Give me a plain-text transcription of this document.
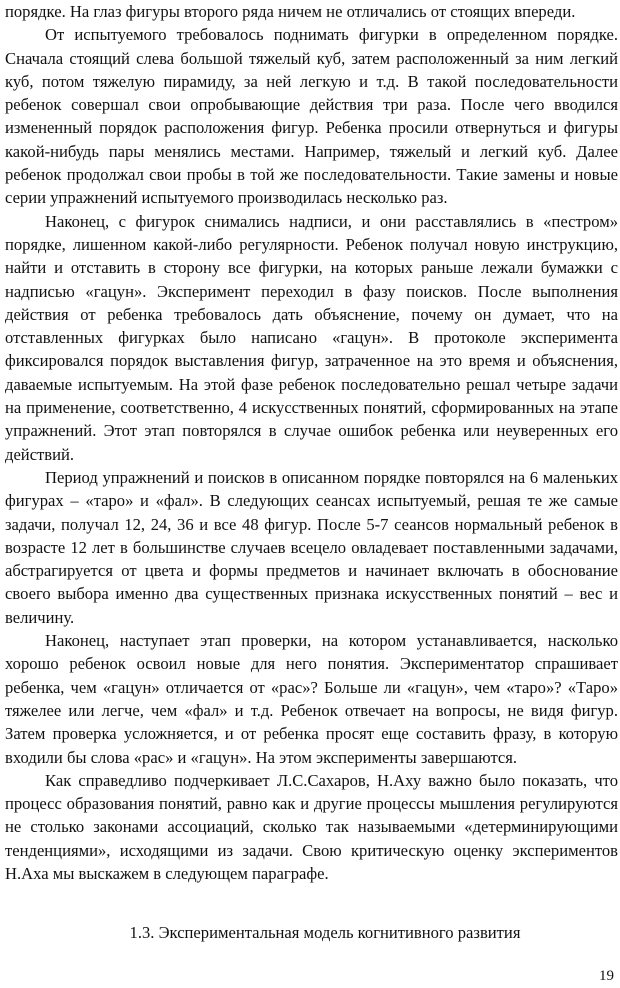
порядке. На глаз фигуры второго ряда ничем не отличались от стоящих впереди.

От испытуемого требовалось поднимать фигурки в определенном порядке. Сначала стоящий слева большой тяжелый куб, затем расположенный за ним легкий куб, потом тяжелую пирамиду, за ней легкую и т.д. В такой последовательности ребенок совершал свои опробывающие действия три раза. После чего вводился измененный порядок расположения фигур. Ребенка просили отвернуться и фигуры какой-нибудь пары менялись местами. Например, тяжелый и легкий куб. Далее ребенок продолжал свои пробы в той же последовательности. Такие замены и новые серии упражнений испытуемого производилась несколько раз.

Наконец, с фигурок снимались надписи, и они расставлялись в «пестром» порядке, лишенном какой-либо регулярности. Ребенок получал новую инструкцию, найти и отставить в сторону все фигурки, на которых раньше лежали бумажки с надписью «гацун». Эксперимент переходил в фазу поисков. После выполнения действия от ребенка требовалось дать объяснение, почему он думает, что на отставленных фигурках было написано «гацун». В протоколе эксперимента фиксировался порядок выставления фигур, затраченное на это время и объяснения, даваемые испытуемым. На этой фазе ребенок последовательно решал четыре задачи на применение, соответственно, 4 искусственных понятий, сформированных на этапе упражнений. Этот этап повторялся в случае ошибок ребенка или неуверенных его действий.

Период упражнений и поисков в описанном порядке повторялся на 6 маленьких фигурах – «таро» и «фал». В следующих сеансах испытуемый, решая те же самые задачи, получал 12, 24, 36 и все 48 фигур. После 5-7 сеансов нормальный ребенок в возрасте 12 лет в большинстве случаев всецело овладевает поставленными задачами, абстрагируется от цвета и формы предметов и начинает включать в обоснование своего выбора именно два существенных признака искусственных понятий – вес и величину.

Наконец, наступает этап проверки, на котором устанавливается, насколько хорошо ребенок освоил новые для него понятия. Экспериментатор спрашивает ребенка, чем «гацун» отличается от «рас»? Больше ли «гацун», чем «таро»? «Таро» тяжелее или легче, чем «фал» и т.д. Ребенок отвечает на вопросы, не видя фигур. Затем проверка усложняется, и от ребенка просят еще составить фразу, в которую входили бы слова «рас» и «гацун». На этом эксперименты завершаются.

Как справедливо подчеркивает Л.С.Сахаров, Н.Аху важно было показать, что процесс образования понятий, равно как и другие процессы мышления регулируются не столько законами ассоциаций, сколько так называемыми «детерминирующими тенденциями», исходящими из задачи. Свою критическую оценку экспериментов Н.Аха мы выскажем в следующем параграфе.

1.3. Экспериментальная модель когнитивного развития

19
